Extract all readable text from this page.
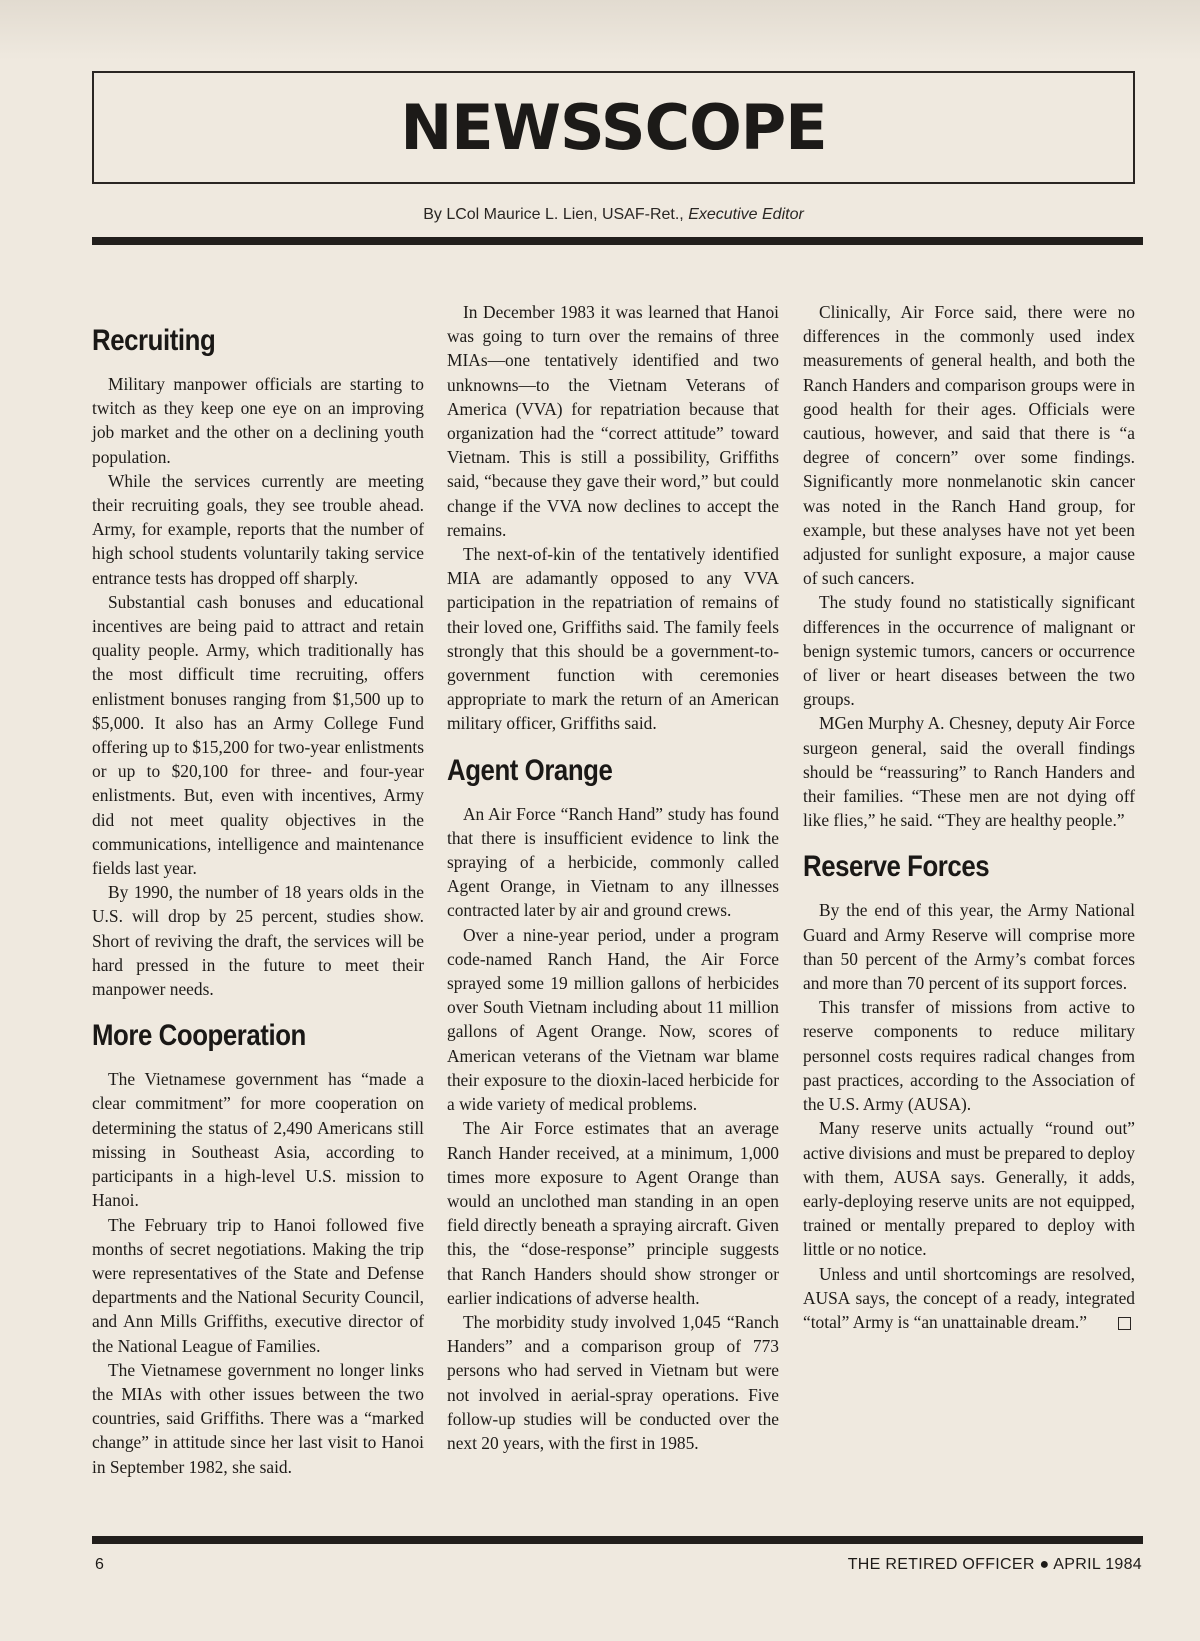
NEWSSCOPE
By LCol Maurice L. Lien, USAF-Ret., Executive Editor
Recruiting

Military manpower officials are starting to twitch as they keep one eye on an improving job market and the other on a declining youth population.

While the services currently are meeting their recruiting goals, they see trouble ahead. Army, for example, reports that the number of high school students voluntarily taking service entrance tests has dropped off sharply.

Substantial cash bonuses and educational incentives are being paid to attract and retain quality people. Army, which traditionally has the most difficult time recruiting, offers enlistment bonuses ranging from $1,500 up to $5,000. It also has an Army College Fund offering up to $15,200 for two-year enlistments or up to $20,100 for three- and four-year enlistments. But, even with incentives, Army did not meet quality objectives in the communications, intelligence and maintenance fields last year.

By 1990, the number of 18 years olds in the U.S. will drop by 25 percent, studies show. Short of reviving the draft, the services will be hard pressed in the future to meet their manpower needs.

More Cooperation

The Vietnamese government has “made a clear commitment” for more cooperation on determining the status of 2,490 Americans still missing in Southeast Asia, according to participants in a high-level U.S. mission to Hanoi.

The February trip to Hanoi followed five months of secret negotiations. Making the trip were representatives of the State and Defense departments and the National Security Council, and Ann Mills Griffiths, executive director of the National League of Families.

The Vietnamese government no longer links the MIAs with other issues between the two countries, said Griffiths. There was a “marked change” in attitude since her last visit to Hanoi in September 1982, she said.

In December 1983 it was learned that Hanoi was going to turn over the remains of three MIAs—one tentatively identified and two unknowns—to the Vietnam Veterans of America (VVA) for repatriation because that organization had the “correct attitude” toward Vietnam. This is still a possibility, Griffiths said, “because they gave their word,” but could change if the VVA now declines to accept the remains.

The next-of-kin of the tentatively identified MIA are adamantly opposed to any VVA participation in the repatriation of remains of their loved one, Griffiths said. The family feels strongly that this should be a government-to-government function with ceremonies appropriate to mark the return of an American military officer, Griffiths said.

Agent Orange

An Air Force “Ranch Hand” study has found that there is insufficient evidence to link the spraying of a herbicide, commonly called Agent Orange, in Vietnam to any illnesses contracted later by air and ground crews.

Over a nine-year period, under a program code-named Ranch Hand, the Air Force sprayed some 19 million gallons of herbicides over South Vietnam including about 11 million gallons of Agent Orange. Now, scores of American veterans of the Vietnam war blame their exposure to the dioxin-laced herbicide for a wide variety of medical problems.

The Air Force estimates that an average Ranch Hander received, at a minimum, 1,000 times more exposure to Agent Orange than would an unclothed man standing in an open field directly beneath a spraying aircraft. Given this, the “dose-response” principle suggests that Ranch Handers should show stronger or earlier indications of adverse health.

The morbidity study involved 1,045 “Ranch Handers” and a comparison group of 773 persons who had served in Vietnam but were not involved in aerial-spray operations. Five follow-up studies will be conducted over the next 20 years, with the first in 1985.

Clinically, Air Force said, there were no differences in the commonly used index measurements of general health, and both the Ranch Handers and comparison groups were in good health for their ages. Officials were cautious, however, and said that there is “a degree of concern” over some findings. Significantly more nonmelanotic skin cancer was noted in the Ranch Hand group, for example, but these analyses have not yet been adjusted for sunlight exposure, a major cause of such cancers.

The study found no statistically significant differences in the occurrence of malignant or benign systemic tumors, cancers or occurrence of liver or heart diseases between the two groups.

MGen Murphy A. Chesney, deputy Air Force surgeon general, said the overall findings should be “reassuring” to Ranch Handers and their families. “These men are not dying off like flies,” he said. “They are healthy people.”

Reserve Forces

By the end of this year, the Army National Guard and Army Reserve will comprise more than 50 percent of the Army’s combat forces and more than 70 percent of its support forces.

This transfer of missions from active to reserve components to reduce military personnel costs requires radical changes from past practices, according to the Association of the U.S. Army (AUSA).

Many reserve units actually “round out” active divisions and must be prepared to deploy with them, AUSA says. Generally, it adds, early-deploying reserve units are not equipped, trained or mentally prepared to deploy with little or no notice.

Unless and until shortcomings are resolved, AUSA says, the concept of a ready, integrated “total” Army is “an unattainable dream.”

6	THE RETIRED OFFICER ● APRIL 1984
